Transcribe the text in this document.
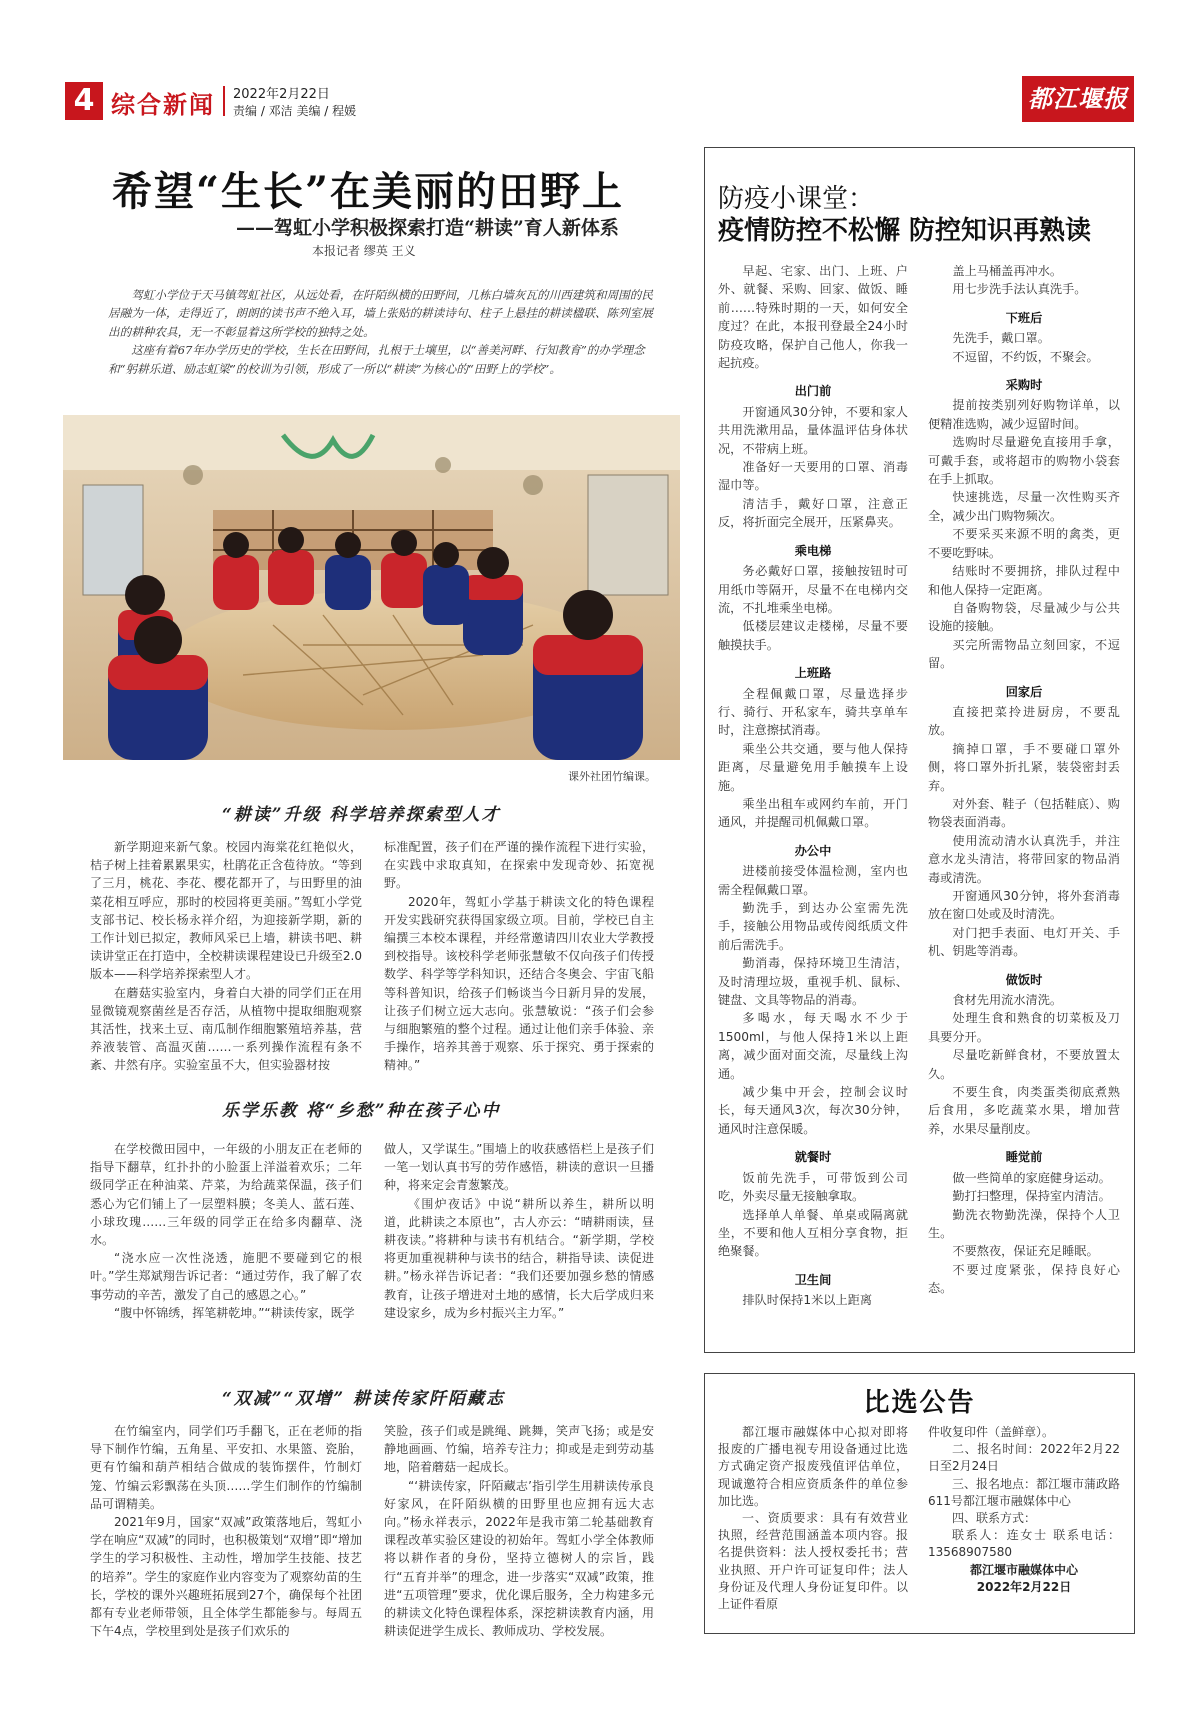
4 综合新闻 2022年2月22日
责编 / 邓洁 美编 / 程媛	都江堰报
希望“生长”在美丽的田野上
——驾虹小学积极探索打造“耕读”育人新体系
本报记者 缪英 王义

驾虹小学位于天马镇驾虹社区，从远处看，在阡陌纵横的田野间，几栋白墙灰瓦的川西建筑和周围的民居融为一体，走得近了，朗朗的读书声不绝入耳，墙上张贴的耕读诗句、柱子上悬挂的耕读楹联、陈列室展出的耕种农具，无一不彰显着这所学校的独特之处。

这座有着67年办学历史的学校，生长在田野间，扎根于土壤里，以“善美河畔、行知教育”的办学理念和“躬耕乐道、励志虹梁”的校训为引领，形成了一所以“耕读”为核心的“田野上的学校”。

课外社团竹编课。
“耕读”升级 科学培养探索型人才

新学期迎来新气象。校园内海棠花红艳似火，桔子树上挂着累累果实，杜鹃花正含苞待放。“等到了三月，桃花、李花、樱花都开了，与田野里的油菜花相互呼应，那时的校园将更美丽。”驾虹小学党支部书记、校长杨永祥介绍，为迎接新学期，新的工作计划已拟定，教师风采已上墙，耕读书吧、耕读讲堂正在打造中，全校耕读课程建设已升级至2.0版本——科学培养探索型人才。

在蘑菇实验室内，身着白大褂的同学们正在用显微镜观察菌丝是否存活，从植物中提取细胞观察其活性，找来土豆、南瓜制作细胞繁殖培养基，营养液装管、高温灭菌……一系列操作流程有条不紊、井然有序。实验室虽不大，但实验器材按

标准配置，孩子们在严谨的操作流程下进行实验，在实践中求取真知，在探索中发现奇妙、拓宽视野。

2020年，驾虹小学基于耕读文化的特色课程开发实践研究获得国家级立项。目前，学校已自主编撰三本校本课程，并经常邀请四川农业大学教授到校指导。该校科学老师张慧敏不仅向孩子们传授数学、科学等学科知识，还结合冬奥会、宇宙飞船等科普知识，给孩子们畅谈当今日新月异的发展，让孩子们树立远大志向。张慧敏说：“孩子们会参与细胞繁殖的整个过程。通过让他们亲手体验、亲手操作，培养其善于观察、乐于探究、勇于探索的精神。”

乐学乐教 将“乡愁”种在孩子心中

在学校微田园中，一年级的小朋友正在老师的指导下翻草，红扑扑的小脸蛋上洋溢着欢乐；二年级同学正在种油菜、芹菜，为给蔬菜保温，孩子们悉心为它们铺上了一层塑料膜；冬美人、蓝石莲、小球玫瑰……三年级的同学正在给多肉翻草、浇水。

“浇水应一次性浇透，施肥不要碰到它的根叶。”学生郑斌翔告诉记者：“通过劳作，我了解了农事劳动的辛苦，激发了自己的感恩之心。”

“腹中怀锦绣，挥笔耕乾坤。”“耕读传家，既学

做人，又学谋生。”围墙上的收获感悟栏上是孩子们一笔一划认真书写的劳作感悟，耕读的意识一旦播种，将来定会青葱繁茂。

《围炉夜话》中说“耕所以养生，耕所以明道，此耕读之本原也”，古人亦云：“晴耕雨读，昼耕夜读。”将耕种与读书有机结合。“新学期，学校将更加重视耕种与读书的结合，耕指导读、读促进耕。”杨永祥告诉记者：“我们还要加强乡愁的情感教育，让孩子增进对土地的感情，长大后学成归来建设家乡，成为乡村振兴主力军。”

“双减”“双增” 耕读传家阡陌藏志

在竹编室内，同学们巧手翻飞，正在老师的指导下制作竹编，五角星、平安扣、水果篮、瓷胎，更有竹编和葫芦相结合做成的装饰摆件，竹制灯笼、竹编云彩飘荡在头顶……学生们制作的竹编制品可谓精美。

2021年9月，国家“双减”政策落地后，驾虹小学在响应“双减”的同时，也积极策划“双增”即“增加学生的学习积极性、主动性，增加学生技能、技艺的培养”。学生的家庭作业内容变为了观察幼苗的生长，学校的课外兴趣班拓展到27个，确保每个社团都有专业老师带领，且全体学生都能参与。每周五下午4点，学校里到处是孩子们欢乐的

笑脸，孩子们或是跳绳、跳舞，笑声飞扬；或是安静地画画、竹编，培养专注力；抑或是走到劳动基地，陪着蘑菇一起成长。

“‘耕读传家，阡陌藏志’指引学生用耕读传承良好家风，在阡陌纵横的田野里也应拥有远大志向。”杨永祥表示，2022年是我市第二轮基础教育课程改革实验区建设的初始年。驾虹小学全体教师将以耕作者的身份，坚持立德树人的宗旨，践行“五育并举”的理念，进一步落实“双减”政策，推进“五项管理”要求，优化课后服务，全力构建多元的耕读文化特色课程体系，深挖耕读教育内涵，用耕读促进学生成长、教师成功、学校发展。

防疫小课堂：
疫情防控不松懈 防控知识再熟读

早起、宅家、出门、上班、户外、就餐、采购、回家、做饭、睡前……特殊时期的一天，如何安全度过？在此，本报刊登最全24小时防疫攻略，保护自己他人，你我一起抗疫。

出门前

开窗通风30分钟，不要和家人共用洗漱用品，量体温评估身体状况，不带病上班。

准备好一天要用的口罩、消毒湿巾等。

清洁手，戴好口罩，注意正反，将折面完全展开，压紧鼻夹。

乘电梯

务必戴好口罩，接触按钮时可用纸巾等隔开，尽量不在电梯内交流，不扎堆乘坐电梯。

低楼层建议走楼梯，尽量不要触摸扶手。

上班路

全程佩戴口罩，尽量选择步行、骑行、开私家车，骑共享单车时，注意擦拭消毒。

乘坐公共交通，要与他人保持距离，尽量避免用手触摸车上设施。

乘坐出租车或网约车前，开门通风，并提醒司机佩戴口罩。

办公中

进楼前接受体温检测，室内也需全程佩戴口罩。

勤洗手，到达办公室需先洗手，接触公用物品或传阅纸质文件前后需洗手。

勤消毒，保持环境卫生清洁，及时清理垃圾，重视手机、鼠标、键盘、文具等物品的消毒。

多喝水，每天喝水不少于1500ml，与他人保持1米以上距离，减少面对面交流，尽量线上沟通。

减少集中开会，控制会议时长，每天通风3次，每次30分钟，通风时注意保暖。

就餐时

饭前先洗手，可带饭到公司吃，外卖尽量无接触拿取。

选择单人单餐、单桌或隔离就坐，不要和他人互相分享食物，拒绝聚餐。

卫生间

排队时保持1米以上距离

盖上马桶盖再冲水。

用七步洗手法认真洗手。

下班后

先洗手，戴口罩。

不逗留，不约饭，不聚会。

采购时

提前按类别列好购物详单，以便精准选购，减少逗留时间。

选购时尽量避免直接用手拿，可戴手套，或将超市的购物小袋套在手上抓取。

快速挑选，尽量一次性购买齐全，减少出门购物频次。

不要采买来源不明的禽类，更不要吃野味。

结账时不要拥挤，排队过程中和他人保持一定距离。

自备购物袋，尽量减少与公共设施的接触。

买完所需物品立刻回家，不逗留。

回家后

直接把菜拎进厨房，不要乱放。

摘掉口罩，手不要碰口罩外侧，将口罩外折扎紧，装袋密封丢弃。

对外套、鞋子（包括鞋底）、购物袋表面消毒。

使用流动清水认真洗手，并注意水龙头清洁，将带回家的物品消毒或清洗。

开窗通风30分钟，将外套消毒放在窗口处或及时清洗。

对门把手表面、电灯开关、手机、钥匙等消毒。

做饭时

食材先用流水清洗。

处理生食和熟食的切菜板及刀具要分开。

尽量吃新鲜食材，不要放置太久。

不要生食，肉类蛋类彻底煮熟后食用，多吃蔬菜水果，增加营养，水果尽量削皮。

睡觉前

做一些简单的家庭健身运动。

勤打扫整理，保持室内清洁。

勤洗衣物勤洗澡，保持个人卫生。

不要熬夜，保证充足睡眠。

不要过度紧张，保持良好心态。

比选公告

都江堰市融媒体中心拟对即将报废的广播电视专用设备通过比选方式确定资产报废残值评估单位，现诚邀符合相应资质条件的单位参加比选。

一、资质要求：具有有效营业执照，经营范围涵盖本项内容。报名提供资料：法人授权委托书；营业执照、开户许可证复印件；法人身份证及代理人身份证复印件。以上证件看原

件收复印件（盖鲜章）。

二、报名时间：2022年2月22日至2月24日

三、报名地点：都江堰市蒲政路611号都江堰市融媒体中心

四、联系方式：

联系人：连女士 联系电话：13568907580

都江堰市融媒体中心

2022年2月22日
